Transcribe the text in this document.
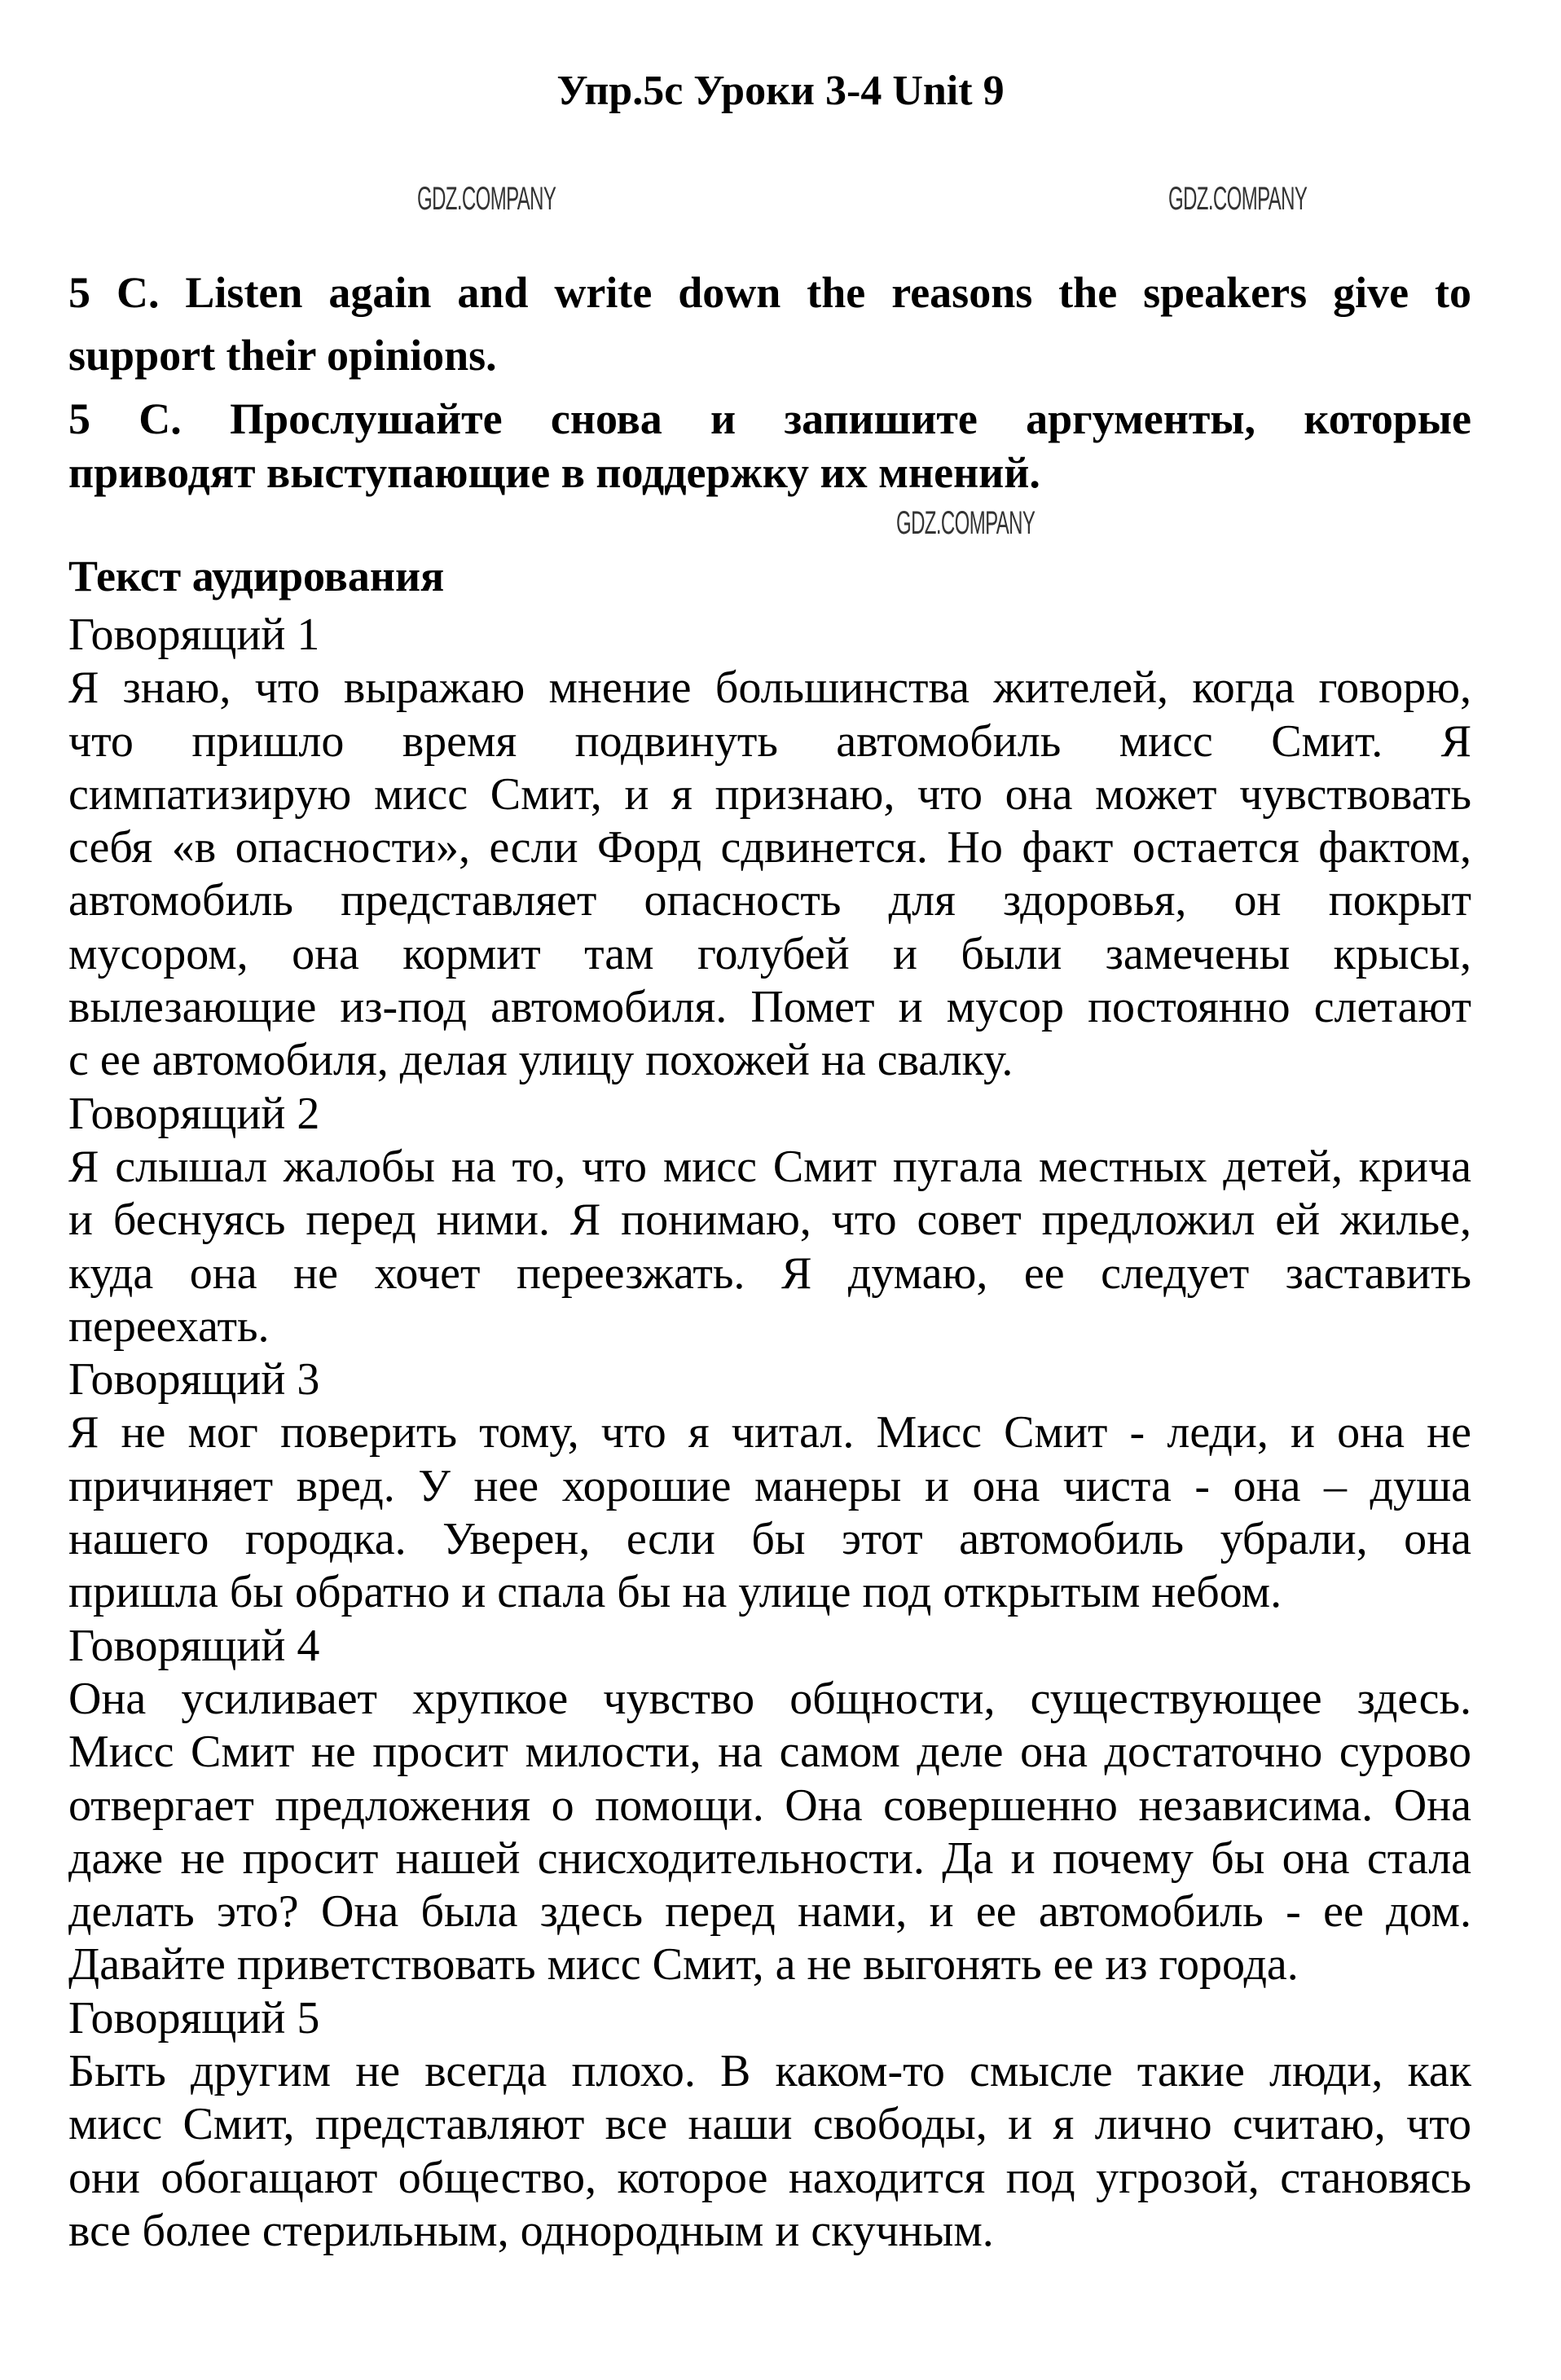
Упр.5с Уроки 3-4 Unit 9
GDZ.COMPANY	GDZ.COMPANY
5 C. Listen again and write down the reasons the speakers give to
support their opinions.
5 С. Прослушайте снова и запишите аргументы, которые
приводят выступающие в поддержку их мнений.
GDZ.COMPANY
Текст аудирования
Говорящий 1
Я знаю, что выражаю мнение большинства жителей, когда говорю,
что пришло время подвинуть автомобиль мисс Смит. Я
симпатизирую мисс Смит, и я признаю, что она может чувствовать
себя «в опасности», если Форд сдвинется. Но факт остается фактом,
автомобиль представляет опасность для здоровья, он покрыт
мусором, она кормит там голубей и были замечены крысы,
вылезающие из-под автомобиля. Помет и мусор постоянно слетают
с ее автомобиля, делая улицу похожей на свалку.
Говорящий 2
Я слышал жалобы на то, что мисс Смит пугала местных детей, крича
и беснуясь перед ними. Я понимаю, что совет предложил ей жилье,
куда она не хочет переезжать. Я думаю, ее следует заставить
переехать.
Говорящий 3
Я не мог поверить тому, что я читал. Мисс Смит - леди, и она не
причиняет вред. У нее хорошие манеры и она чиста - она – душа
нашего городка. Уверен, если бы этот автомобиль убрали, она
пришла бы обратно и спала бы на улице под открытым небом.
Говорящий 4
Она усиливает хрупкое чувство общности, существующее здесь.
Мисс Смит не просит милости, на самом деле она достаточно сурово
отвергает предложения о помощи. Она совершенно независима. Она
даже не просит нашей снисходительности. Да и почему бы она стала
делать это? Она была здесь перед нами, и ее автомобиль - ее дом.
Давайте приветствовать мисс Смит, а не выгонять ее из города.
Говорящий 5
Быть другим не всегда плохо. В каком-то смысле такие люди, как
мисс Смит, представляют все наши свободы, и я лично считаю, что
они обогащают общество, которое находится под угрозой, становясь
все более стерильным, однородным и скучным.
